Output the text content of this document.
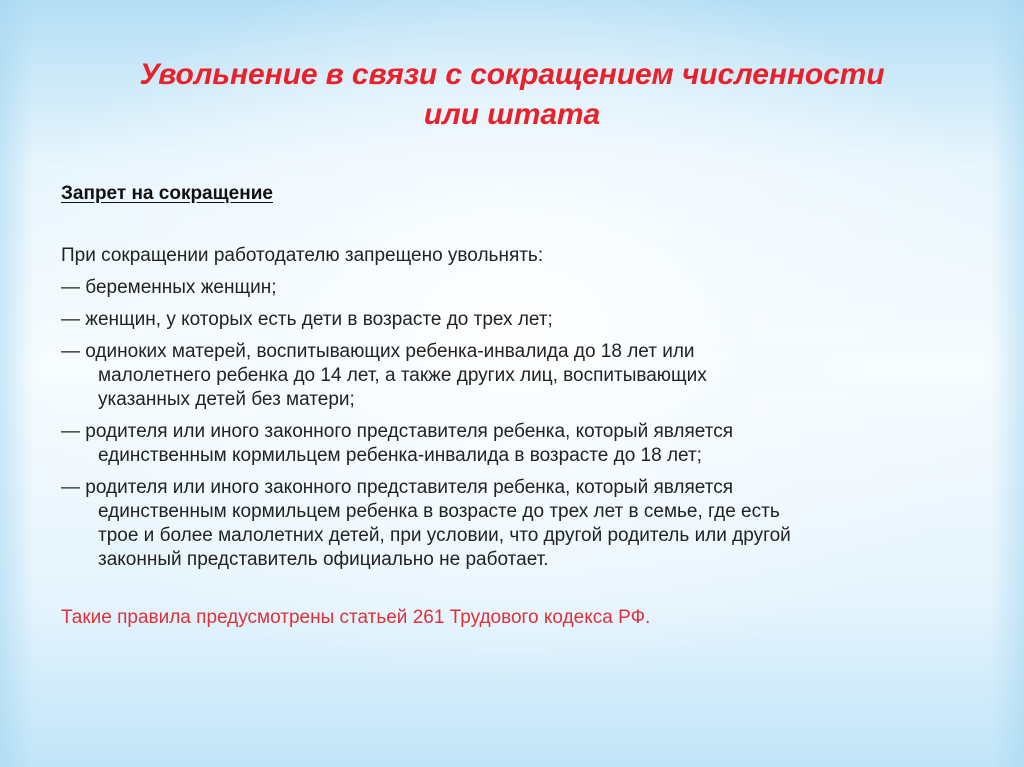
Увольнение в связи с сокращением численности или штата
Запрет на сокращение
При сокращении работодателю запрещено увольнять:
— беременных женщин;
— женщин, у которых есть дети в возрасте до трех лет;
— одиноких матерей, воспитывающих ребенка-инвалида до 18 лет или
малолетнего ребенка до 14 лет, а также других лиц, воспитывающих
указанных детей без матери;
— родителя или иного законного представителя ребенка, который является
единственным кормильцем ребенка-инвалида в возрасте до 18 лет;
— родителя или иного законного представителя ребенка, который является
единственным кормильцем ребенка в возрасте до трех лет в семье, где есть
трое и более малолетних детей, при условии, что другой родитель или другой
законный представитель официально не работает.
Такие правила предусмотрены статьей 261 Трудового кодекса РФ.
